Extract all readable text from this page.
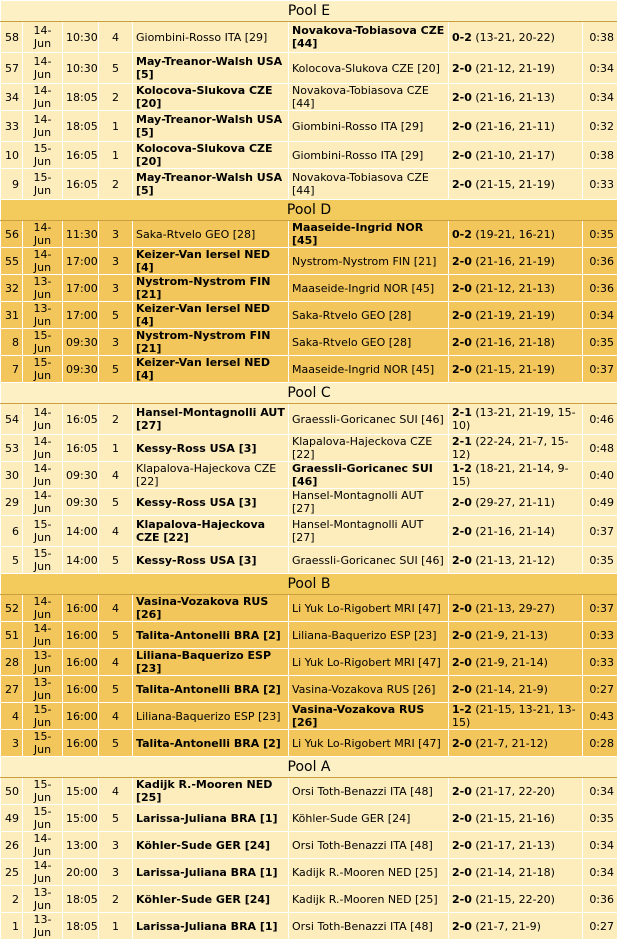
Pool E							
58	14-Jun	10:30	4	Giombini-Rosso ITA [29]	Novakova-Tobiasova CZE [44]	0-2 (13-21, 20-22)	0:38
57	14-Jun	10:30	5	May-Treanor-Walsh USA [5]	Kolocova-Slukova CZE [20]	2-0 (21-12, 21-19)	0:34
34	14-Jun	18:05	2	Kolocova-Slukova CZE [20]	Novakova-Tobiasova CZE [44]	2-0 (21-16, 21-13)	0:34
33	14-Jun	18:05	1	May-Treanor-Walsh USA [5]	Giombini-Rosso ITA [29]	2-0 (21-16, 21-11)	0:32
10	15-Jun	16:05	1	Kolocova-Slukova CZE [20]	Giombini-Rosso ITA [29]	2-0 (21-10, 21-17)	0:38
9	15-Jun	16:05	2	May-Treanor-Walsh USA [5]	Novakova-Tobiasova CZE [44]	2-0 (21-15, 21-19)	0:33
Pool D							
56	14-Jun	11:30	3	Saka-Rtvelo GEO [28]	Maaseide-Ingrid NOR [45]	0-2 (19-21, 16-21)	0:35
55	14-Jun	17:00	3	Keizer-Van Iersel NED [4]	Nystrom-Nystrom FIN [21]	2-0 (21-16, 21-19)	0:36
32	13-Jun	17:00	3	Nystrom-Nystrom FIN [21]	Maaseide-Ingrid NOR [45]	2-0 (21-12, 21-13)	0:36
31	13-Jun	17:00	5	Keizer-Van Iersel NED [4]	Saka-Rtvelo GEO [28]	2-0 (21-19, 21-19)	0:34
8	15-Jun	09:30	3	Nystrom-Nystrom FIN [21]	Saka-Rtvelo GEO [28]	2-0 (21-16, 21-18)	0:35
7	15-Jun	09:30	5	Keizer-Van Iersel NED [4]	Maaseide-Ingrid NOR [45]	2-0 (21-15, 21-19)	0:37
Pool C							
54	14-Jun	16:05	2	Hansel-Montagnolli AUT [27]	Graessli-Goricanec SUI [46]	2-1 (13-21, 21-19, 15-10)	0:46
53	14-Jun	16:05	1	Kessy-Ross USA [3]	Klapalova-Hajeckova CZE [22]	2-1 (22-24, 21-7, 15-12)	0:48
30	14-Jun	09:30	4	Klapalova-Hajeckova CZE [22]	Graessli-Goricanec SUI [46]	1-2 (18-21, 21-14, 9-15)	0:40
29	14-Jun	09:30	5	Kessy-Ross USA [3]	Hansel-Montagnolli AUT [27]	2-0 (29-27, 21-11)	0:49
6	15-Jun	14:00	4	Klapalova-Hajeckova CZE [22]	Hansel-Montagnolli AUT [27]	2-0 (21-16, 21-14)	0:37
5	15-Jun	14:00	5	Kessy-Ross USA [3]	Graessli-Goricanec SUI [46]	2-0 (21-13, 21-12)	0:35
Pool B							
52	14-Jun	16:00	4	Vasina-Vozakova RUS [26]	Li Yuk Lo-Rigobert MRI [47]	2-0 (21-13, 29-27)	0:37
51	14-Jun	16:00	5	Talita-Antonelli BRA [2]	Liliana-Baquerizo ESP [23]	2-0 (21-9, 21-13)	0:33
28	13-Jun	16:00	4	Liliana-Baquerizo ESP [23]	Li Yuk Lo-Rigobert MRI [47]	2-0 (21-9, 21-14)	0:33
27	13-Jun	16:00	5	Talita-Antonelli BRA [2]	Vasina-Vozakova RUS [26]	2-0 (21-14, 21-9)	0:27
4	15-Jun	16:00	4	Liliana-Baquerizo ESP [23]	Vasina-Vozakova RUS [26]	1-2 (21-15, 13-21, 13-15)	0:43
3	15-Jun	16:00	5	Talita-Antonelli BRA [2]	Li Yuk Lo-Rigobert MRI [47]	2-0 (21-7, 21-12)	0:28
Pool A							
50	15-Jun	15:00	4	Kadijk R.-Mooren NED [25]	Orsi Toth-Benazzi ITA [48]	2-0 (21-17, 22-20)	0:34
49	15-Jun	15:00	5	Larissa-Juliana BRA [1]	Köhler-Sude GER [24]	2-0 (21-15, 21-16)	0:35
26	14-Jun	13:00	3	Köhler-Sude GER [24]	Orsi Toth-Benazzi ITA [48]	2-0 (21-17, 21-13)	0:34
25	14-Jun	20:00	3	Larissa-Juliana BRA [1]	Kadijk R.-Mooren NED [25]	2-0 (21-14, 21-18)	0:34
2	13-Jun	18:05	2	Köhler-Sude GER [24]	Kadijk R.-Mooren NED [25]	2-0 (21-15, 22-20)	0:36
1	13-Jun	18:05	1	Larissa-Juliana BRA [1]	Orsi Toth-Benazzi ITA [48]	2-0 (21-7, 21-9)	0:27
